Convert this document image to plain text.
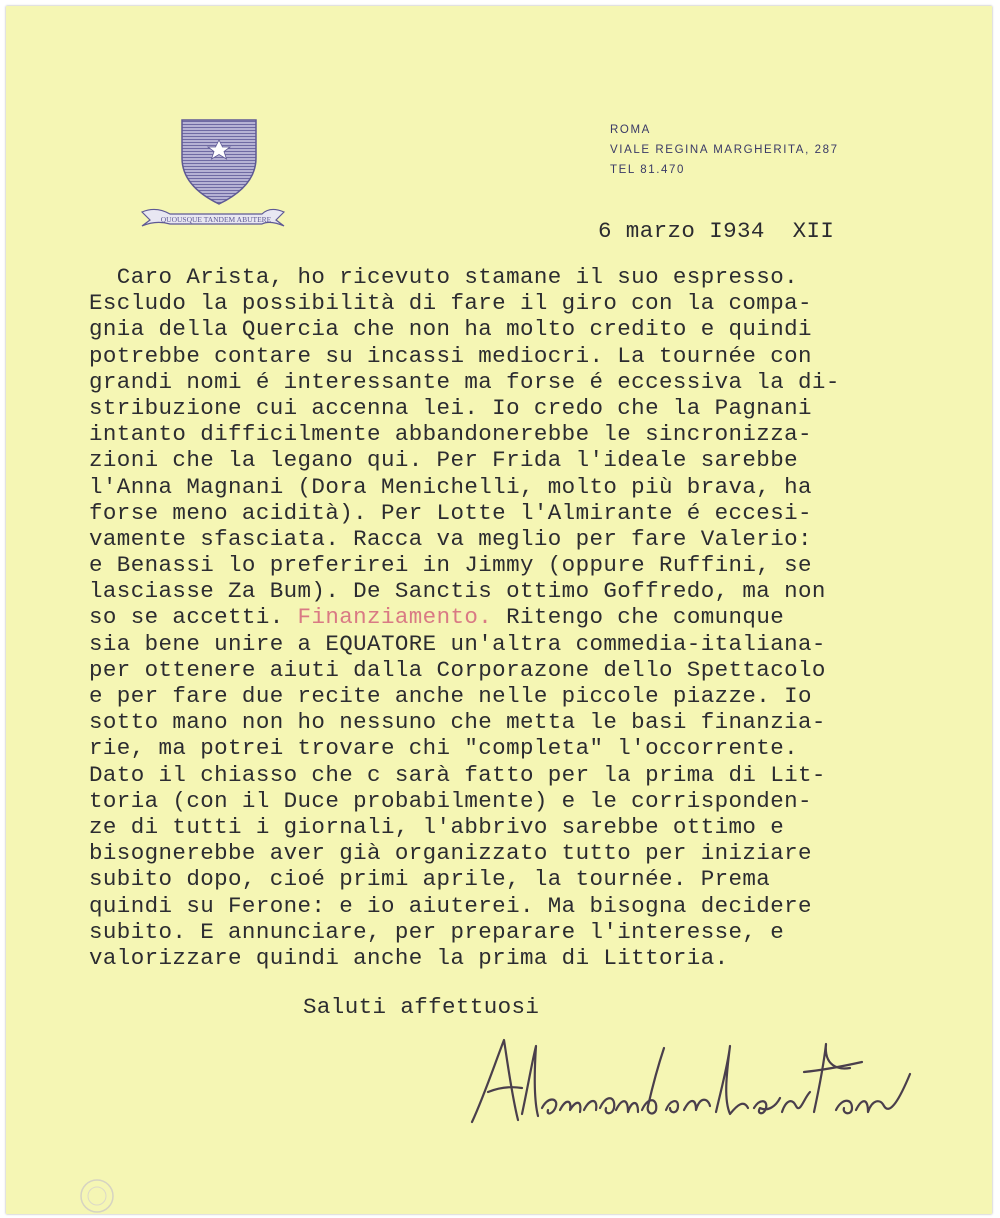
QUOUSQUE TANDEM ABUTERE
ROMA
VIALE REGINA MARGHERITA, 287
TEL 81.470
6 marzo I934  XII
Caro Arista, ho ricevuto stamane il suo espresso.
Escludo la possibilità di fare il giro con la compa-
gnia della Quercia che non ha molto credito e quindi
potrebbe contare su incassi mediocri. La tournée con
grandi nomi é interessante ma forse é eccessiva la di-
stribuzione cui accenna lei. Io credo che la Pagnani
intanto difficilmente abbandonerebbe le sincronizza-
zioni che la legano qui. Per Frida l'ideale sarebbe
l'Anna Magnani (Dora Menichelli, molto più brava, ha
forse meno acidità). Per Lotte l'Almirante é eccesi-
vamente sfasciata. Racca va meglio per fare Valerio:
e Benassi lo preferirei in Jimmy (oppure Ruffini, se
lasciasse Za Bum). De Sanctis ottimo Goffredo, ma non
so se accetti. Finanziamento. Ritengo che comunque
sia bene unire a EQUATORE un'altra commedia-italiana-
per ottenere aiuti dalla Corporazone dello Spettacolo
e per fare due recite anche nelle piccole piazze. Io
sotto mano non ho nessuno che metta le basi finanzia-
rie, ma potrei trovare chi "completa" l'occorrente.
Dato il chiasso che c sarà fatto per la prima di Lit-
toria (con il Duce probabilmente) e le corrisponden-
ze di tutti i giornali, l'abbrivo sarebbe ottimo e
bisognerebbe aver già organizzato tutto per iniziare
subito dopo, cioé primi aprile, la tournée. Prema
quindi su Ferone: e io aiuterei. Ma bisogna decidere
subito. E annunciare, per preparare l'interesse, e
valorizzare quindi anche la prima di Littoria.
Saluti affettuosi
